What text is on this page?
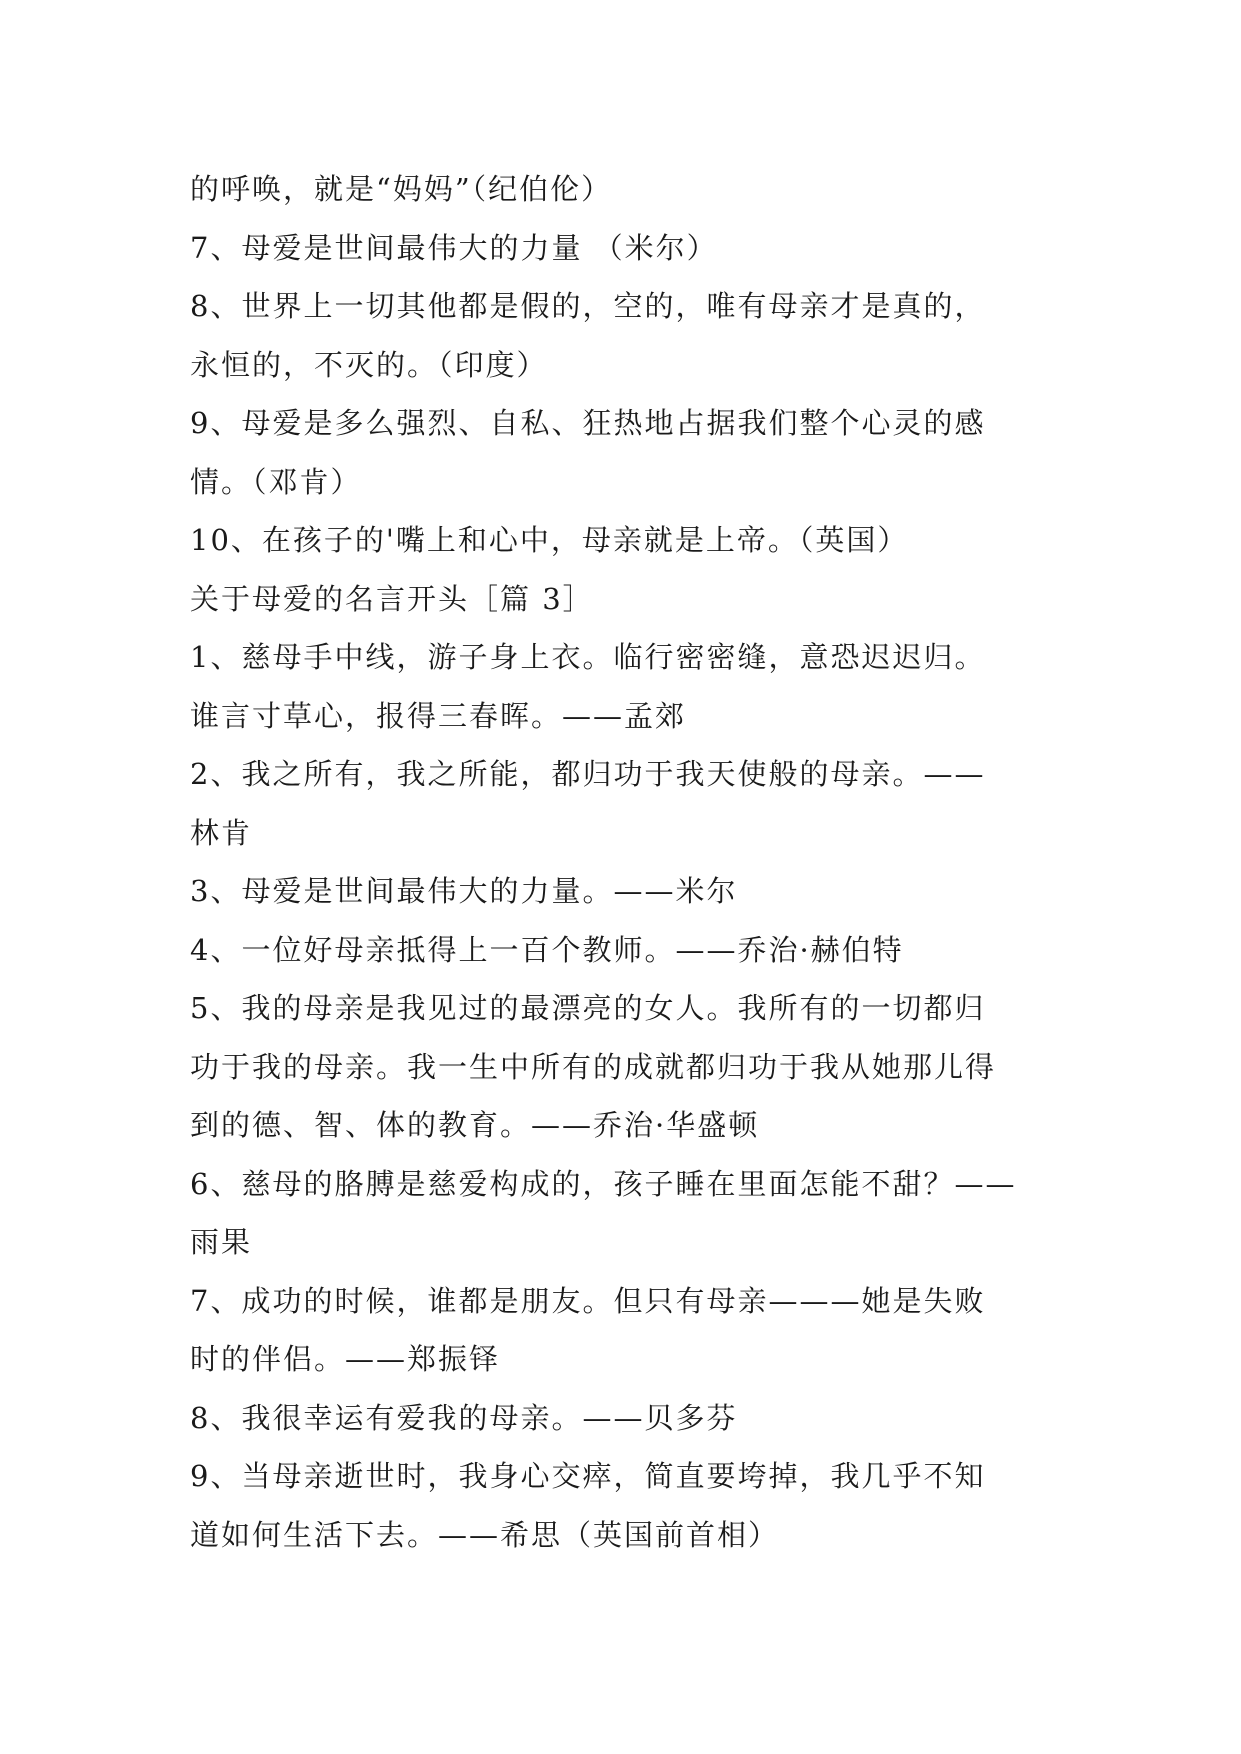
的呼唤，就是“妈妈”（纪伯伦）

7、母爱是世间最伟大的力量 （米尔）

8、世界上一切其他都是假的，空的，唯有母亲才是真的，

永恒的，不灭的。（印度）

9、母爱是多么强烈、自私、狂热地占据我们整个心灵的感

情。（邓肯）

10、在孩子的'嘴上和心中，母亲就是上帝。（英国）

关于母爱的名言开头［篇 3］

1、慈母手中线，游子身上衣。临行密密缝，意恐迟迟归。

谁言寸草心，报得三春晖。——孟郊

2、我之所有，我之所能，都归功于我天使般的母亲。——

林肯

3、母爱是世间最伟大的力量。——米尔

4、一位好母亲抵得上一百个教师。——乔治·赫伯特

5、我的母亲是我见过的最漂亮的女人。我所有的一切都归

功于我的母亲。我一生中所有的成就都归功于我从她那儿得

到的德、智、体的教育。——乔治·华盛顿

6、慈母的胳膊是慈爱构成的，孩子睡在里面怎能不甜？——

雨果

7、成功的时候，谁都是朋友。但只有母亲———她是失败

时的伴侣。——郑振铎

8、我很幸运有爱我的母亲。——贝多芬

9、当母亲逝世时，我身心交瘁，简直要垮掉，我几乎不知

道如何生活下去。——希思（英国前首相）
